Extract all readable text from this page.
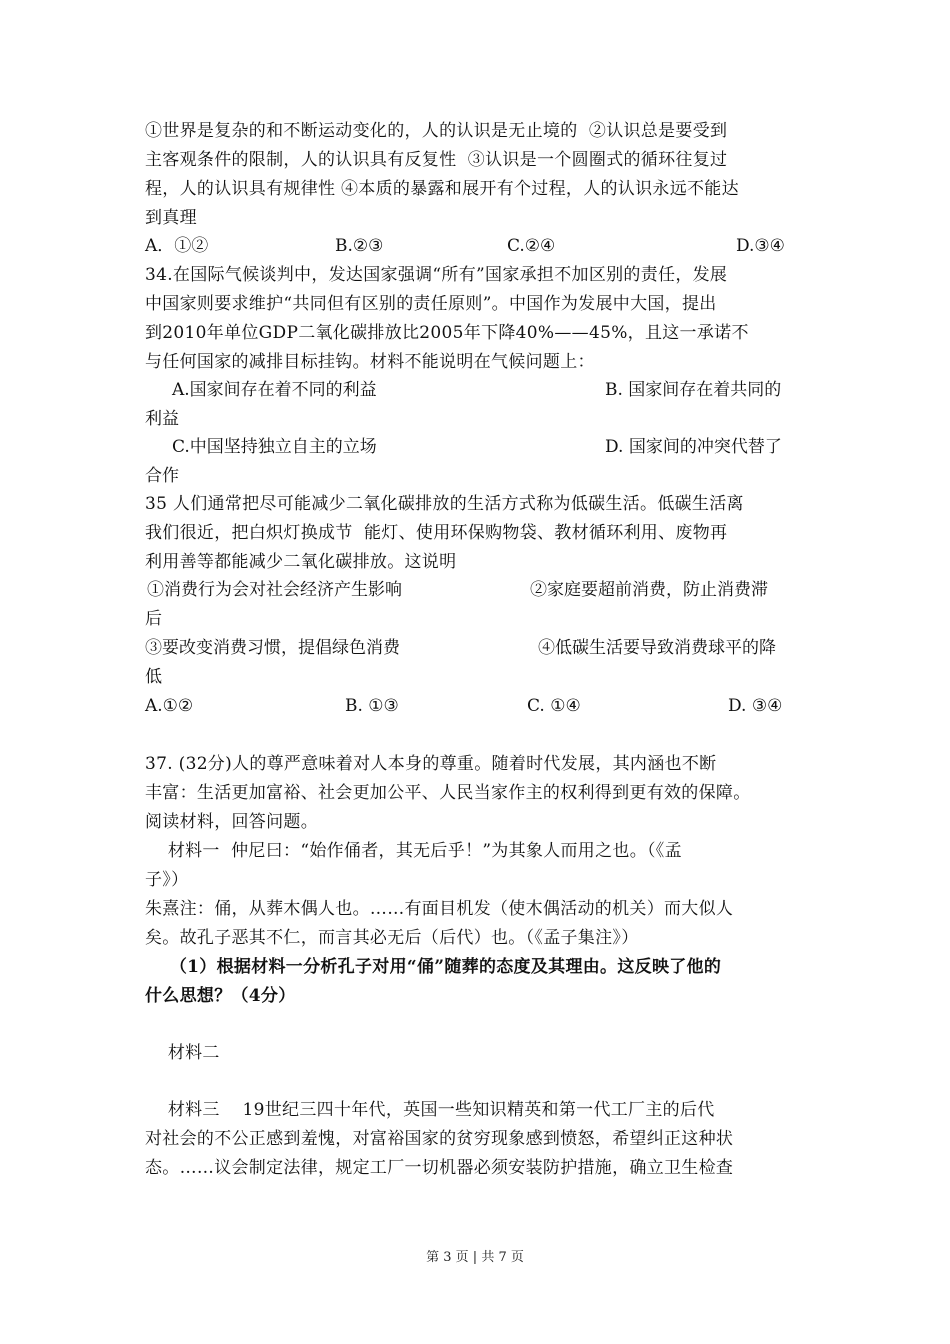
①世界是复杂的和不断运动变化的，人的认识是无止境的  ②认识总是要受到
主客观条件的限制，人的认识具有反复性  ③认识是一个圆圈式的循环往复过
程，人的认识具有规律性 ④本质的暴露和展开有个过程，人的认识永远不能达
到真理
A．①②	B.②③	C.②④	D.③④
34.在国际气候谈判中，发达国家强调“所有”国家承担不加区别的责任，发展
中国家则要求维护“共同但有区别的责任原则”。中国作为发展中大国，提出
到2010年单位GDP二氧化碳排放比2005年下降40%——45%，且这一承诺不
与任何国家的减排目标挂钩。材料不能说明在气候问题上：
A.国家间存在着不同的利益	B. 国家间存在着共同的
利益
C.中国坚持独立自主的立场	D. 国家间的冲突代替了
合作
35 人们通常把尽可能减少二氧化碳排放的生活方式称为低碳生活。低碳生活离
我们很近，把白炽灯换成节  能灯、使用环保购物袋、教材循环利用、废物再
利用善等都能减少二氧化碳排放。这说明
①消费行为会对社会经济产生影响	②家庭要超前消费，防止消费滞
后
③要改变消费习惯，提倡绿色消费	④低碳生活要导致消费球平的降
低
A.①②	B. ①③	C. ①④	D. ③④
37. (32分)人的尊严意味着对人本身的尊重。随着时代发展，其内涵也不断
丰富：生活更加富裕、社会更加公平、人民当家作主的权利得到更有效的保障。
阅读材料，回答问题。
材料一  仲尼曰：“始作俑者，其无后乎！”为其象人而用之也。（《孟
子》）
朱熹注：俑，从葬木偶人也。……有面目机发（使木偶活动的机关）而大似人
矣。故孔子恶其不仁，而言其必无后（后代）也。（《孟子集注》）
（1）根据材料一分析孔子对用“俑”随葬的态度及其理由。这反映了他的
什么思想？（4分）
材料二
材料三    19世纪三四十年代，英国一些知识精英和第一代工厂主的后代
对社会的不公正感到羞愧，对富裕国家的贫穷现象感到愤怒，希望纠正这种状
态。……议会制定法律，规定工厂一切机器必须安装防护措施，确立卫生检查
第 3 页 | 共 7 页
